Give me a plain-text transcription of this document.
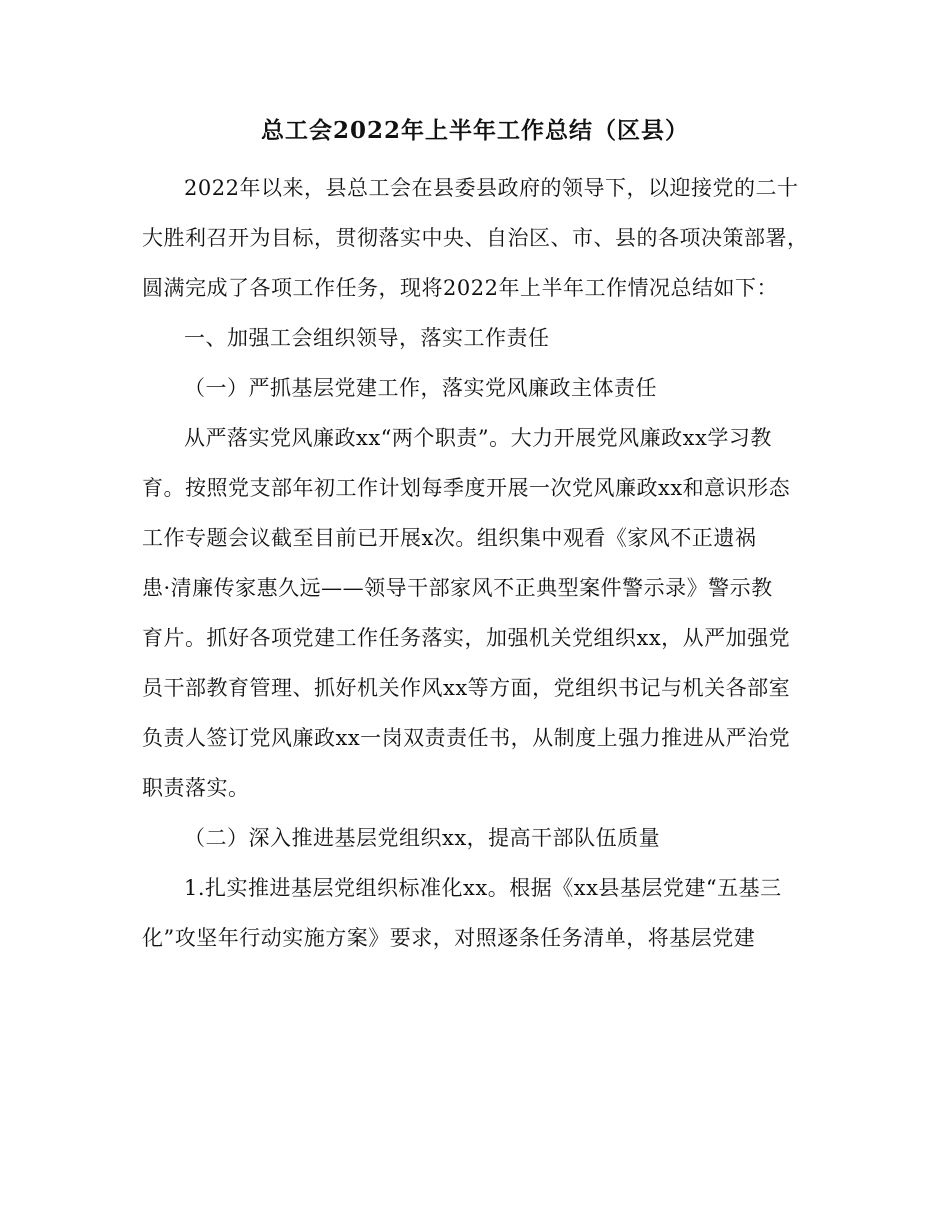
总工会2022年上半年工作总结（区县）
2022年以来，县总工会在县委县政府的领导下，以迎接党的二十
大胜利召开为目标，贯彻落实中央、自治区、市、县的各项决策部署，
圆满完成了各项工作任务，现将2022年上半年工作情况总结如下：
一、加强工会组织领导，落实工作责任
（一）严抓基层党建工作，落实党风廉政主体责任
从严落实党风廉政xx“两个职责”。大力开展党风廉政xx学习教
育。按照党支部年初工作计划每季度开展一次党风廉政xx和意识形态
工作专题会议截至目前已开展x次。组织集中观看《家风不正遗祸
患·清廉传家惠久远——领导干部家风不正典型案件警示录》警示教
育片。抓好各项党建工作任务落实，加强机关党组织xx，从严加强党
员干部教育管理、抓好机关作风xx等方面，党组织书记与机关各部室
负责人签订党风廉政xx一岗双责责任书，从制度上强力推进从严治党
职责落实。
（二）深入推进基层党组织xx，提高干部队伍质量
1.扎实推进基层党组织标准化xx。根据《xx县基层党建“五基三
化”攻坚年行动实施方案》要求，对照逐条任务清单，将基层党建
